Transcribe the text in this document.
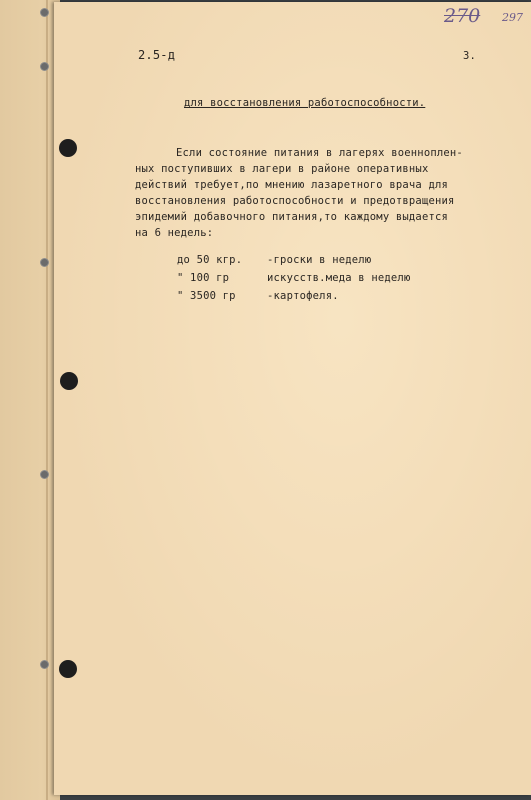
270 297
2.5-д	3.
для восстановления работоспособности.
Если состояние питания в лагерях военноплен-
ных поступивших в лагери в районе оперативных
действий требует,по мнению лазаретного врача для
восстановления работоспособности и предотвращения
эпидемий добавочного питания,то каждому выдается
на 6 недель:
до 50 кгр. -гроски в неделю
" 100 гр	искусств.меда в неделю
" 3500 гр	-картофеля.
